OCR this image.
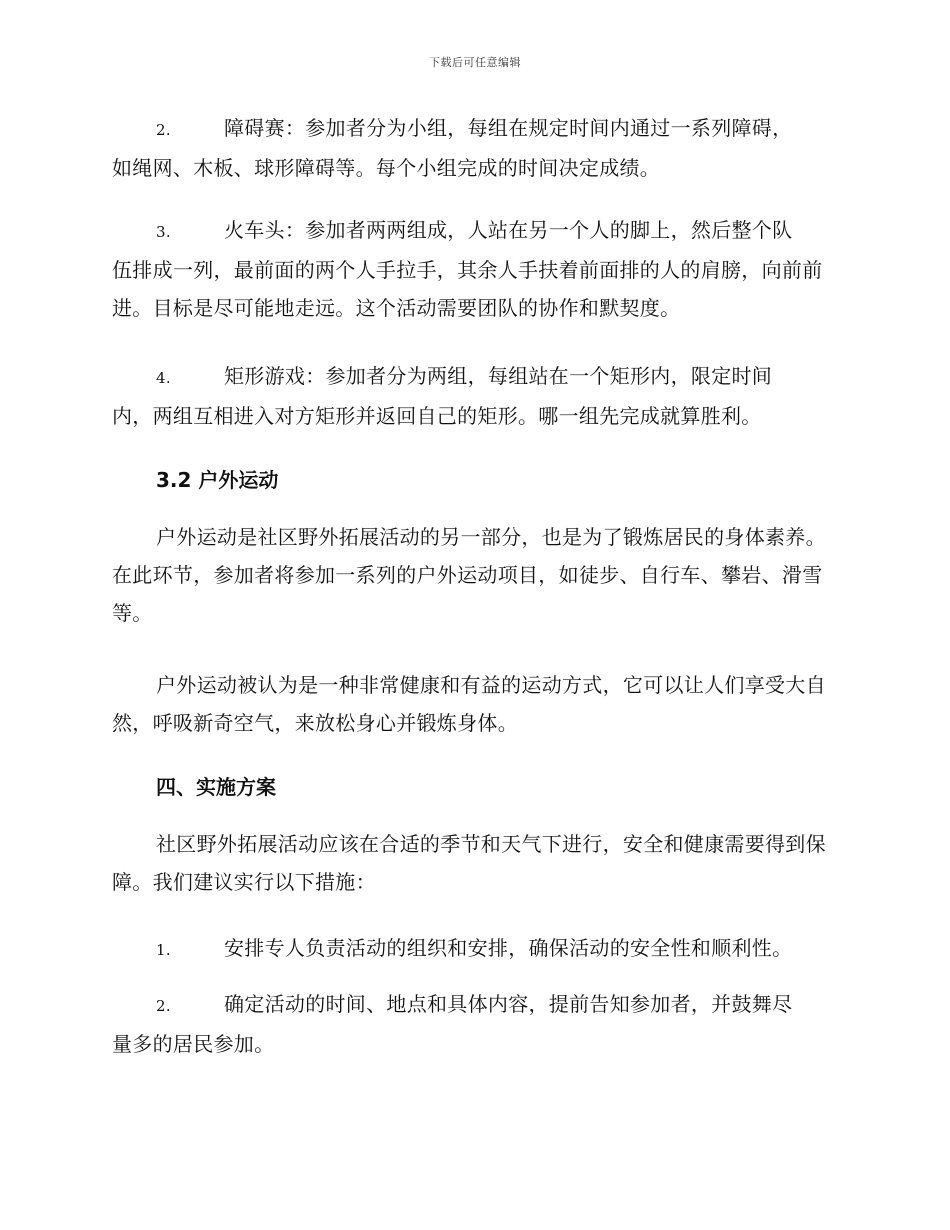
下载后可任意编辑
2.	障碍赛：参加者分为小组，每组在规定时间内通过一系列障碍，
如绳网、木板、球形障碍等。每个小组完成的时间决定成绩。
3.	火车头：参加者两两组成，人站在另一个人的脚上，然后整个队
伍排成一列，最前面的两个人手拉手，其余人手扶着前面排的人的肩膀，向前前进。目标是尽可能地走远。这个活动需要团队的协作和默契度。
4.	矩形游戏：参加者分为两组，每组站在一个矩形内，限定时间
内，两组互相进入对方矩形并返回自己的矩形。哪一组先完成就算胜利。
3.2 户外运动
户外运动是社区野外拓展活动的另一部分，也是为了锻炼居民的身体素养。在此环节，参加者将参加一系列的户外运动项目，如徒步、自行车、攀岩、滑雪等。
户外运动被认为是一种非常健康和有益的运动方式，它可以让人们享受大自然，呼吸新奇空气，来放松身心并锻炼身体。
四、实施方案
社区野外拓展活动应该在合适的季节和天气下进行，安全和健康需要得到保障。我们建议实行以下措施：
1.	安排专人负责活动的组织和安排，确保活动的安全性和顺利性。
2.	确定活动的时间、地点和具体内容，提前告知参加者，并鼓舞尽
量多的居民参加。
